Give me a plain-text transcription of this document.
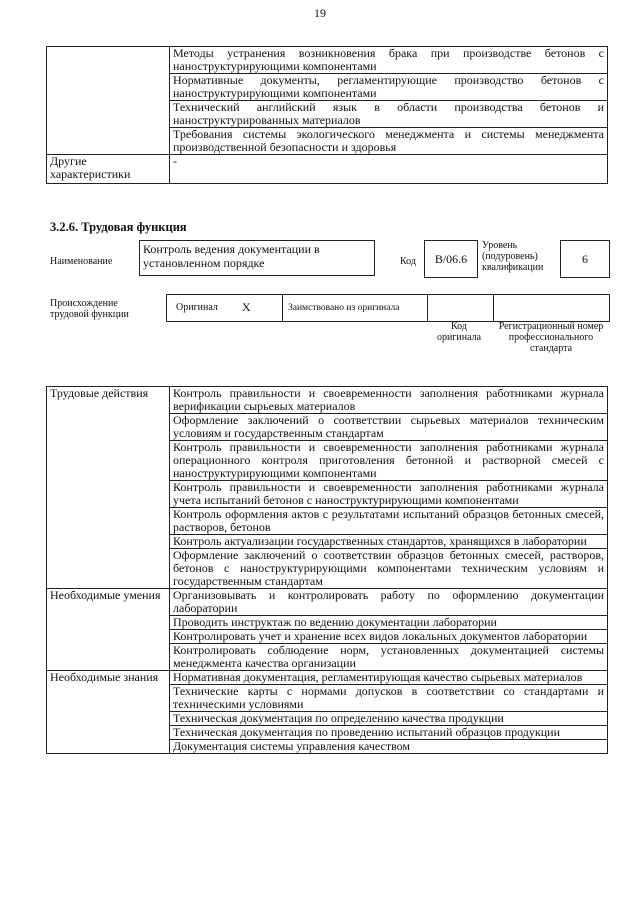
19
	Методы устранения возникновения брака при производстве бетонов с наноструктурирующими компонентами
	Нормативные документы, регламентирующие производство бетонов с наноструктурирующими компонентами
	Технический английский язык в области производства бетонов и наноструктурированных материалов
	Требования системы экологического менеджмента и системы менеджмента производственной безопасности и здоровья
Другие характеристики	-
3.2.6. Трудовая функция
Наименование
Контроль ведения документации в установленном порядке	Код	B/06.6
Уровень (подуровень) квалификации
6
Происхождение трудовой функции
Оригинал X	Заимствовано из оригинала
Код оригинала
Регистрационный номер профессионального стандарта
Трудовые действия	Контроль правильности и своевременности заполнения работниками журнала верификации сырьевых материалов
	Оформление заключений о соответствии сырьевых материалов техническим условиям и государственным стандартам
	Контроль правильности и своевременности заполнения работниками журнала операционного контроля приготовления бетонной и растворной смесей с наноструктурирующими компонентами
	Контроль правильности и своевременности заполнения работниками журнала учета испытаний бетонов с наноструктурирующими компонентами
	Контроль оформления актов с результатами испытаний образцов бетонных смесей, растворов, бетонов
	Контроль актуализации государственных стандартов, хранящихся в лаборатории
	Оформление заключений о соответствии образцов бетонных смесей, растворов, бетонов с наноструктурирующими компонентами техническим условиям и государственным стандартам
Необходимые умения	Организовывать и контролировать работу по оформлению документации лаборатории
	Проводить инструктаж по ведению документации лаборатории
	Контролировать учет и хранение всех видов локальных документов лаборатории
	Контролировать соблюдение норм, установленных документацией системы менеджмента качества организации
Необходимые знания	Нормативная документация, регламентирующая качество сырьевых материалов
	Технические карты с нормами допусков в соответствии со стандартами и техническими условиями
	Техническая документация по определению качества продукции
	Техническая документация по проведению испытаний образцов продукции
	Документация системы управления качеством
